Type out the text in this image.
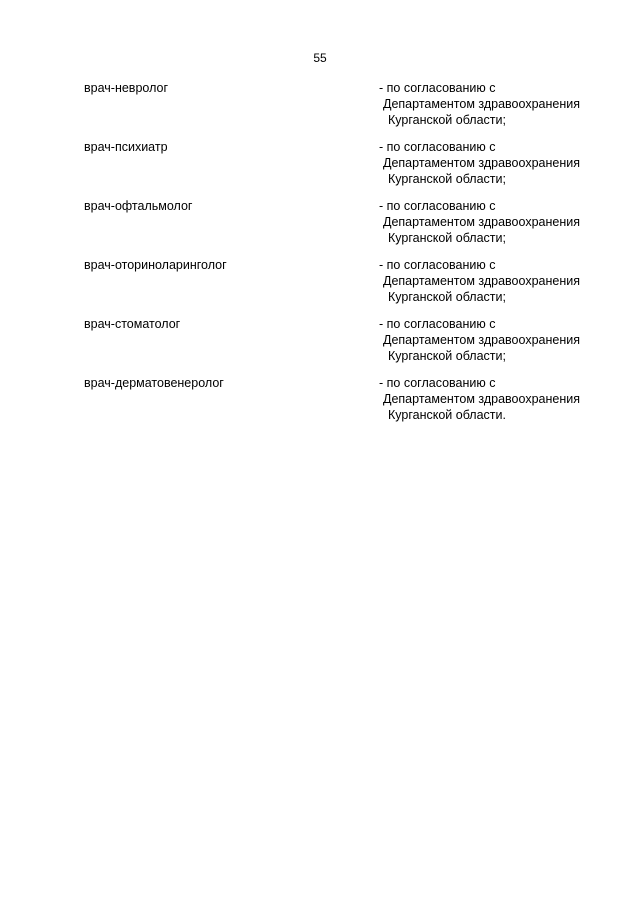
55
врач-невролог	- по согласованию с
Департаментом здравоохранения
Курганской области;
врач-психиатр	- по согласованию с
Департаментом здравоохранения
Курганской области;
врач-офтальмолог	- по согласованию с
Департаментом здравоохранения
Курганской области;
врач-оториноларинголог	- по согласованию с
Департаментом здравоохранения
Курганской области;
врач-стоматолог	- по согласованию с
Департаментом здравоохранения
Курганской области;
врач-дерматовенеролог	- по согласованию с
Департаментом здравоохранения
Курганской области.
